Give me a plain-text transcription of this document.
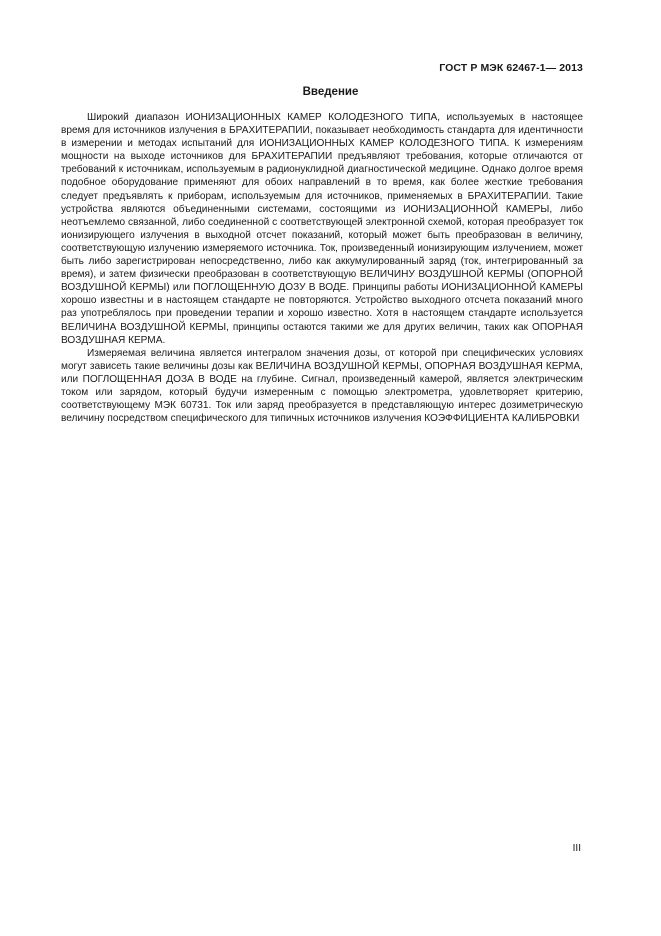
ГОСТ Р МЭК 62467-1— 2013
Введение

Широкий диапазон ИОНИЗАЦИОННЫХ КАМЕР КОЛОДЕЗНОГО ТИПА, используемых в настоящее время для источников излучения в БРАХИТЕРАПИИ, показывает необходимость стандарта для идентичности в измерении и методах испытаний для ИОНИЗАЦИОННЫХ КАМЕР КОЛОДЕЗНОГО ТИПА. К измерениям мощности на выходе источников для БРАХИТЕРАПИИ предъявляют требования, которые отличаются от требований к источникам, используемым в радионуклидной диагностической медицине. Однако долгое время подобное оборудование применяют для обоих направлений в то время, как более жесткие требования следует предъявлять к приборам, используемым для источников, применяемых в БРАХИТЕРАПИИ. Такие устройства являются объединенными системами, состоящими из ИОНИЗАЦИОННОЙ КАМЕРЫ, либо неотъемлемо связанной, либо соединенной с соответствующей электронной схемой, которая преобразует ток ионизирующего излучения в выходной отсчет показаний, который может быть преобразован в величину, соответствующую излучению измеряемого источника. Ток, произведенный ионизирующим излучением, может быть либо зарегистрирован непосредственно, либо как аккумулированный заряд (ток, интегрированный за время), и затем физически преобразован в соответствующую ВЕЛИЧИНУ ВОЗДУШНОЙ КЕРМЫ (ОПОРНОЙ ВОЗДУШНОЙ КЕРМЫ) или ПОГЛОЩЕННУЮ ДОЗУ В ВОДЕ. Принципы работы ИОНИЗАЦИОННОЙ КАМЕРЫ хорошо известны и в настоящем стандарте не повторяются. Устройство выходного отсчета показаний много раз употреблялось при проведении терапии и хорошо известно. Хотя в настоящем стандарте используется ВЕЛИЧИНА ВОЗДУШНОЙ КЕРМЫ, принципы остаются такими же для других величин, таких как ОПОРНАЯ ВОЗДУШНАЯ КЕРМА.

Измеряемая величина является интегралом значения дозы, от которой при специфических условиях могут зависеть такие величины дозы как ВЕЛИЧИНА ВОЗДУШНОЙ КЕРМЫ, ОПОРНАЯ ВОЗДУШНАЯ КЕРМА, или ПОГЛОЩЕННАЯ ДОЗА В ВОДЕ на глубине. Сигнал, произведенный камерой, является электрическим током или зарядом, который будучи измеренным с помощью электрометра, удовлетворяет критерию, соответствующему МЭК 60731. Ток или заряд преобразуется в представляющую интерес дозиметрическую величину посредством специфического для типичных источников излучения КОЭФФИЦИЕНТА КАЛИБРОВКИ

III
